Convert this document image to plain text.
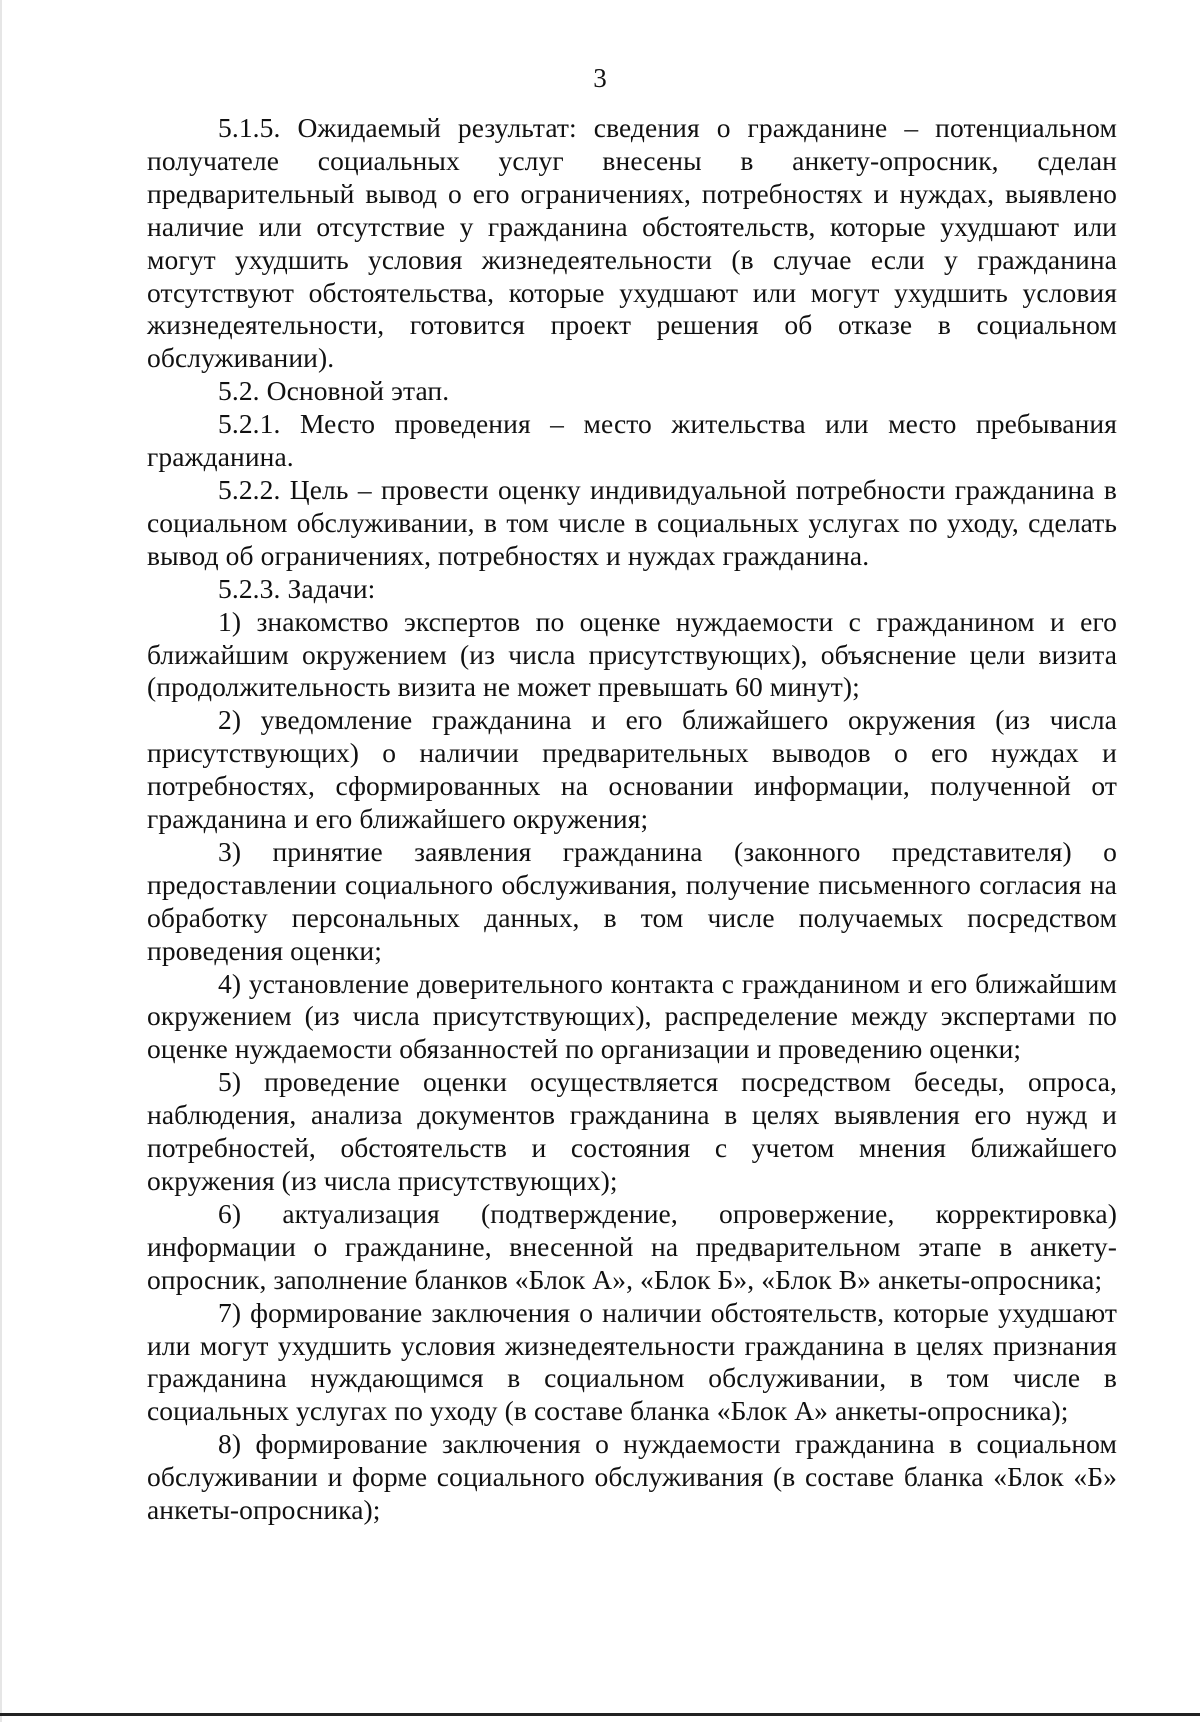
3

5.1.5. Ожидаемый результат: сведения о гражданине – потенциальном получателе социальных услуг внесены в анкету-опросник, сделан предварительный вывод о его ограничениях, потребностях и нуждах, выявлено наличие или отсутствие у гражданина обстоятельств, которые ухудшают или могут ухудшить условия жизнедеятельности (в случае если у гражданина отсутствуют обстоятельства, которые ухудшают или могут ухудшить условия жизнедеятельности, готовится проект решения об отказе в социальном обслуживании).

5.2. Основной этап.

5.2.1. Место проведения – место жительства или место пребывания гражданина.

5.2.2. Цель – провести оценку индивидуальной потребности гражданина в социальном обслуживании, в том числе в социальных услугах по уходу, сделать вывод об ограничениях, потребностях и нуждах гражданина.

5.2.3. Задачи:

1) знакомство экспертов по оценке нуждаемости с гражданином и его ближайшим окружением (из числа присутствующих), объяснение цели визита (продолжительность визита не может превышать 60 минут);

2) уведомление гражданина и его ближайшего окружения (из числа присутствующих) о наличии предварительных выводов о его нуждах и потребностях, сформированных на основании информации, полученной от гражданина и его ближайшего окружения;

3) принятие заявления гражданина (законного представителя) о предоставлении социального обслуживания, получение письменного согласия на обработку персональных данных, в том числе получаемых посредством проведения оценки;

4) установление доверительного контакта с гражданином и его ближайшим окружением (из числа присутствующих), распределение между экспертами по оценке нуждаемости обязанностей по организации и проведению оценки;

5) проведение оценки осуществляется посредством беседы, опроса, наблюдения, анализа документов гражданина в целях выявления его нужд и потребностей, обстоятельств и состояния с учетом мнения ближайшего окружения (из числа присутствующих);

6) актуализация (подтверждение, опровержение, корректировка) информации о гражданине, внесенной на предварительном этапе в анкету-опросник, заполнение бланков «Блок А», «Блок Б», «Блок В» анкеты-опросника;

7) формирование заключения о наличии обстоятельств, которые ухудшают или могут ухудшить условия жизнедеятельности гражданина в целях признания гражданина нуждающимся в социальном обслуживании, в том числе в социальных услугах по уходу (в составе бланка «Блок А» анкеты-опросника);

8) формирование заключения о нуждаемости гражданина в социальном обслуживании и форме социального обслуживания (в составе бланка «Блок «Б» анкеты-опросника);
